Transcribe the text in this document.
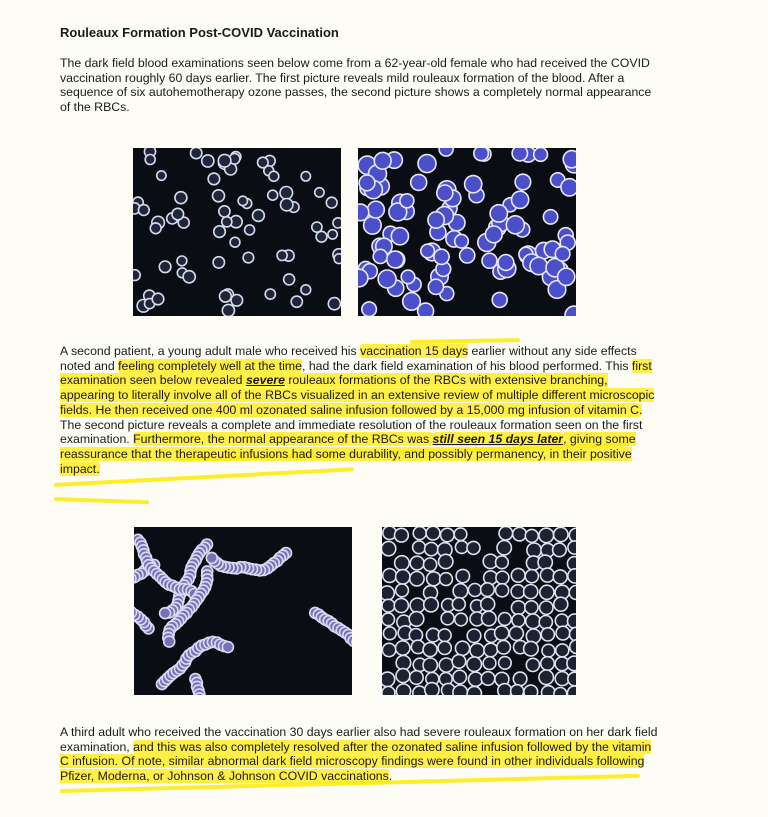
Rouleaux Formation Post-COVID Vaccination

The dark field blood examinations seen below come from a 62-year-old female who had received the COVID vaccination roughly 60 days earlier. The first picture reveals mild rouleaux formation of the blood. After a sequence of six autohemotherapy ozone passes, the second picture shows a completely normal appearance of the RBCs.

A second patient, a young adult male who received his vaccination 15 days earlier without any side effects noted and feeling completely well at the time, had the dark field examination of his blood performed. This first examination seen below revealed severe rouleaux formations of the RBCs with extensive branching, appearing to literally involve all of the RBCs visualized in an extensive review of multiple different microscopic fields. He then received one 400 ml ozonated saline infusion followed by a 15,000 mg infusion of vitamin C. The second picture reveals a complete and immediate resolution of the rouleaux formation seen on the first examination. Furthermore, the normal appearance of the RBCs was still seen 15 days later, giving some reassurance that the therapeutic infusions had some durability, and possibly permanency, in their positive impact.

A third adult who received the vaccination 30 days earlier also had severe rouleaux formation on her dark field examination, and this was also completely resolved after the ozonated saline infusion followed by the vitamin C infusion. Of note, similar abnormal dark field microscopy findings were found in other individuals following Pfizer, Moderna, or Johnson & Johnson COVID vaccinations.
